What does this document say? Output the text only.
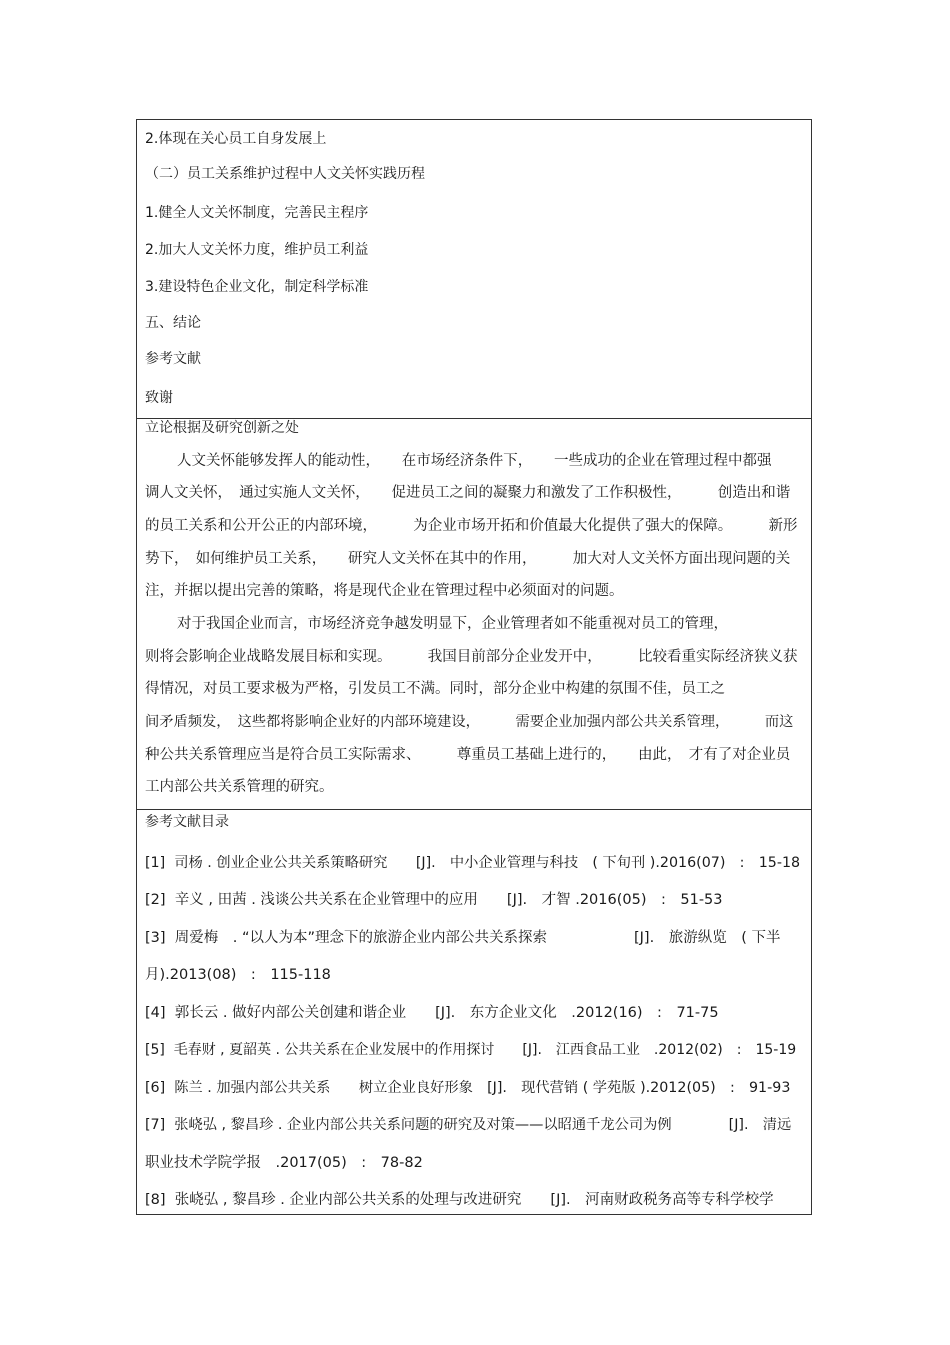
2.体现在关心员工自身发展上
（二）员工关系维护过程中人文关怀实践历程
1.健全人文关怀制度，完善民主程序
2.加大人文关怀力度，维护员工利益
3.建设特色企业文化，制定科学标准
五、结论
参考文献
致谢
立论根据及研究创新之处
人文关怀能够发挥人的能动性，　　在市场经济条件下，　　一些成功的企业在管理过程中都强
调人文关怀，　通过实施人文关怀，　　促进员工之间的凝聚力和激发了工作积极性，　　　创造出和谐
的员工关系和公开公正的内部环境，　　　为企业市场开拓和价值最大化提供了强大的保障。　　　新形
势下，　如何维护员工关系，　　研究人文关怀在其中的作用，　　　加大对人文关怀方面出现问题的关
注，并据以提出完善的策略，将是现代企业在管理过程中必须面对的问题。
对于我国企业而言，市场经济竞争越发明显下，企业管理者如不能重视对员工的管理，
则将会影响企业战略发展目标和实现。　　　我国目前部分企业发开中，　　　比较看重实际经济狭义获
得情况，对员工要求极为严格，引发员工不满。同时，部分企业中构建的氛围不佳，员工之
间矛盾频发，　这些都将影响企业好的内部环境建设，　　　需要企业加强内部公共关系管理，　　　而这
种公共关系管理应当是符合员工实际需求、　　　尊重员工基础上进行的，　　由此，　才有了对企业员
工内部公共关系管理的研究。
参考文献目录
[1]  司杨 . 创业企业公共关系策略研究　　[J].　中小企业管理与科技　( 下旬刊 ).2016(07)　:　15-18
[2]  辛义 , 田茜 . 浅谈公共关系在企业管理中的应用　　[J].　才智 .2016(05)　:　51-53
[3]  周爱梅　. “以人为本”理念下的旅游企业内部公共关系探索　　　　　　[J].　旅游纵览　( 下半
月).2013(08)　:　115-118
[4]  郭长云 . 做好内部公关创建和谐企业　　[J].　东方企业文化　.2012(16)　:　71-75
[5]  毛春财 , 夏韶英 . 公共关系在企业发展中的作用探讨　　[J].　江西食品工业　.2012(02)　:　15-19
[6]  陈兰 . 加强内部公共关系　　树立企业良好形象　[J].　现代营销 ( 学苑版 ).2012(05)　:　91-93
[7]  张峣弘 , 黎昌珍 . 企业内部公共关系问题的研究及对策——以昭通千龙公司为例　　　　[J].　清远
职业技术学院学报　.2017(05)　:　78-82
[8]  张峣弘 , 黎昌珍 . 企业内部公共关系的处理与改进研究　　[J].　河南财政税务高等专科学校学
